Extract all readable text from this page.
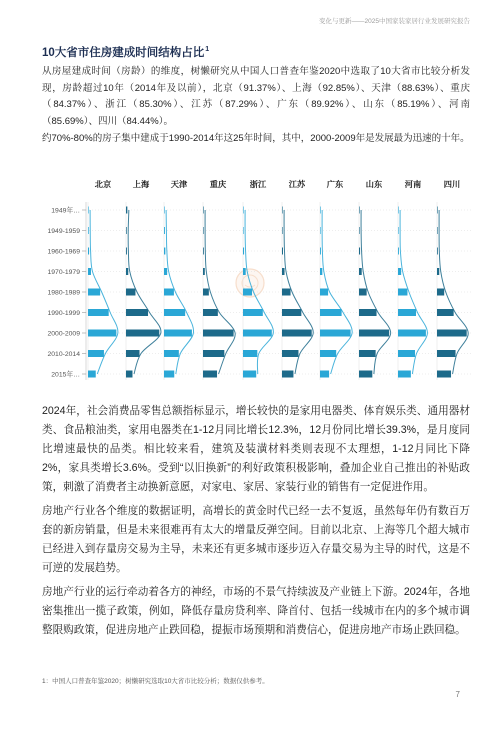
变化与更新——2025中国家装家居行业发展研究报告
10大省市住房建成时间结构占比$^1$

从房屋建成时间（房龄）的维度，树懒研究从中国人口普查年鉴2020中选取了10大省市比较分析发现，房龄超过10年（2014年及以前），北京（91.37%）、上海（92.85%）、天津（88.63%）、重庆（84.37%）、浙江（85.30%）、江苏（87.29%）、广东（89.92%）、山东（85.19%）、河南（85.69%）、四川（84.44%）。

约70%-80%的房子集中建成于1990-2014年这25年时间，其中，2000-2009年是发展最为迅速的十年。

1949年…
1949-1959
1960-1969
1970-1979
1980-1989
1990-1999
2000-2009
2010-2014
2015年…
北京	上海	天津	重庆	浙江	江苏	广东	山东	河南	四川

2024年，社会消费品零售总额指标显示，增长较快的是家用电器类、体育娱乐类、通用器材类、食品粮油类，家用电器类在1-12月同比增长12.3%，12月份同比增长39.3%，是月度同比增速最快的品类。相比较来看，建筑及装潢材料类则表现不太理想，1-12月同比下降2%，家具类增长3.6%。受到“以旧换新”的利好政策积极影响，叠加企业自己推出的补贴政策，刺激了消费者主动换新意愿，对家电、家居、家装行业的销售有一定促进作用。

房地产行业各个维度的数据证明，高增长的黄金时代已经一去不复返，虽然每年仍有数百万套的新房销量，但是未来很难再有太大的增量反弹空间。目前以北京、上海等几个超大城市已经进入到存量房交易为主导，未来还有更多城市逐步迈入存量交易为主导的时代，这是不可逆的发展趋势。

房地产行业的运行牵动着各方的神经，市场的不景气持续波及产业链上下游。2024年，各地密集推出一揽子政策，例如，降低存量房贷利率、降首付、包括一线城市在内的多个城市调整限购政策，促进房地产止跌回稳，提振市场预期和消费信心，促进房地产市场止跌回稳。

1：中国人口普查年鉴2020；树懒研究选取10大省市比较分析；数据仅供参考。
7
